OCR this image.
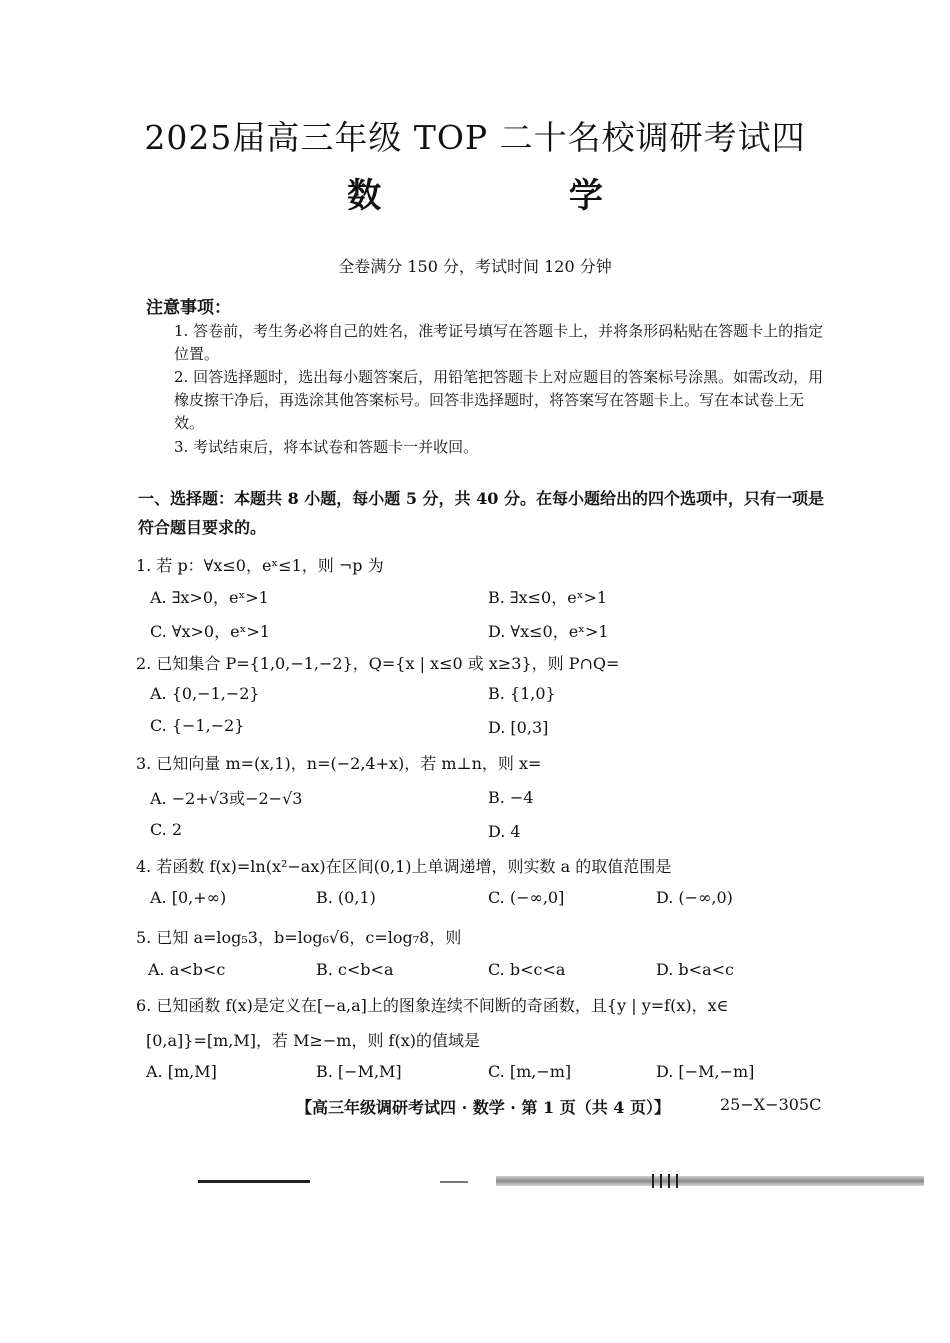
2025届高三年级 TOP 二十名校调研考试四
数 学
全卷满分 150 分，考试时间 120 分钟
注意事项：
1. 答卷前，考生务必将自己的姓名，准考证号填写在答题卡上，并将条形码粘贴在答题卡上的指定位置。
2. 回答选择题时，选出每小题答案后，用铅笔把答题卡上对应题目的答案标号涂黑。如需改动，用橡皮擦干净后，再选涂其他答案标号。回答非选择题时，将答案写在答题卡上。写在本试卷上无效。
3. 考试结束后，将本试卷和答题卡一并收回。
一、选择题：本题共 8 小题，每小题 5 分，共 40 分。在每小题给出的四个选项中，只有一项是符合题目要求的。
1. 若 p：∀x≤0，eˣ≤1，则 ¬p 为
A. ∃x>0，eˣ>1	B. ∃x≤0，eˣ>1
C. ∀x>0，eˣ>1	D. ∀x≤0，eˣ>1
2. 已知集合 P={1,0,−1,−2}，Q={x | x≤0 或 x≥3}，则 P∩Q=
A. {0,−1,−2}	B. {1,0}
C. {−1,−2}	D. [0,3]
3. 已知向量 m=(x,1)，n=(−2,4+x)，若 m⊥n，则 x=
A. −2+√3或−2−√3	B. −4
C. 2	D. 4
4. 若函数 f(x)=ln(x²−ax)在区间(0,1)上单调递增，则实数 a 的取值范围是
A. [0,+∞)	B. (0,1)	C. (−∞,0]	D. (−∞,0)
5. 已知 a=log₅3，b=log₆√6，c=log₇8，则
A. a<b<c	B. c<b<a	C. b<c<a	D. b<a<c
6. 已知函数 f(x)是定义在[−a,a]上的图象连续不间断的奇函数，且{y | y=f(x)，x∈
[0,a]}=[m,M]，若 M≥−m，则 f(x)的值域是
A. [m,M]	B. [−M,M]	C. [m,−m]	D. [−M,−m]
【高三年级调研考试四 · 数学 · 第 1 页（共 4 页）】	25−X−305C
